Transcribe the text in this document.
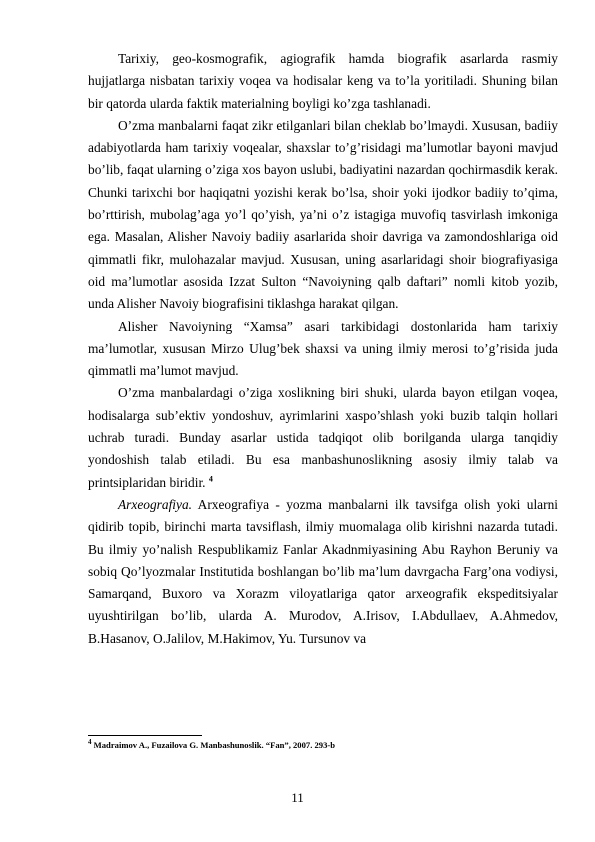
Tarixiy, geo-kosmografik, agiografik hamda biografik asarlarda rasmiy hujjatlarga nisbatan tarixiy voqea va hodisalar keng va to’la yoritiladi. Shuning bilan bir qatorda ularda faktik materialning boyligi ko’zga tashlanadi.

O’zma manbalarni faqat zikr etilganlari bilan cheklab bo’lmaydi. Xususan, badiiy adabiyotlarda ham tarixiy voqealar, shaxslar to’g’risidagi ma’lumotlar bayoni mavjud bo’lib, faqat ularning o’ziga xos bayon uslubi, badiyatini nazardan qochirmasdik kerak. Chunki tarixchi bor haqiqatni yozishi kerak bo’lsa, shoir yoki ijodkor badiiy to’qima, bo’rttirish, mubolag’aga yo’l qo’yish, ya’ni o’z istagiga muvofiq tasvirlash imkoniga ega. Masalan, Alisher Navoiy badiiy asarlarida shoir davriga va zamondoshlariga oid qimmatli fikr, mulohazalar mavjud. Xususan, uning asarlaridagi shoir biografiyasiga oid ma’lumotlar asosida Izzat Sulton “Navoiyning qalb daftari” nomli kitob yozib, unda Alisher Navoiy biografisini tiklashga harakat qilgan.

Alisher Navoiyning “Xamsa” asari tarkibidagi dostonlarida ham tarixiy ma’lumotlar, xususan Mirzo Ulug’bek shaxsi va uning ilmiy merosi to’g’risida juda qimmatli ma’lumot mavjud.

O’zma manbalardagi o’ziga xoslikning biri shuki, ularda bayon etilgan voqea, hodisalarga sub’ektiv yondoshuv, ayrimlarini xaspo’shlash yoki buzib talqin hollari uchrab turadi. Bunday asarlar ustida tadqiqot olib borilganda ularga tanqidiy yondoshish talab etiladi. Bu esa manbashunoslikning asosiy ilmiy talab va printsiplaridan biridir. $^4$

Arxeografiya. Arxeografiya - yozma manbalarni ilk tavsifga olish yoki ularni qidirib topib, birinchi marta tavsiflash, ilmiy muomalaga olib kirishni nazarda tutadi. Bu ilmiy yo’nalish Respublikamiz Fanlar Akadnmiyasining Abu Rayhon Beruniy va sobiq Qo’lyozmalar Institutida boshlangan bo’lib ma’lum davrgacha Farg’ona vodiysi, Samarqand, Buxoro va Xorazm viloyatlariga qator arxeografik ekspeditsiyalar uyushtirilgan bo’lib, ularda A. Murodov, A.Irisov, I.Abdullaev, A.Ahmedov, B.Hasanov, O.Jalilov, M.Hakimov, Yu. Tursunov va

$^4$ Madraimov A., Fuzailova G. Manbashunoslik. “Fan”, 2007. 293-b
11
